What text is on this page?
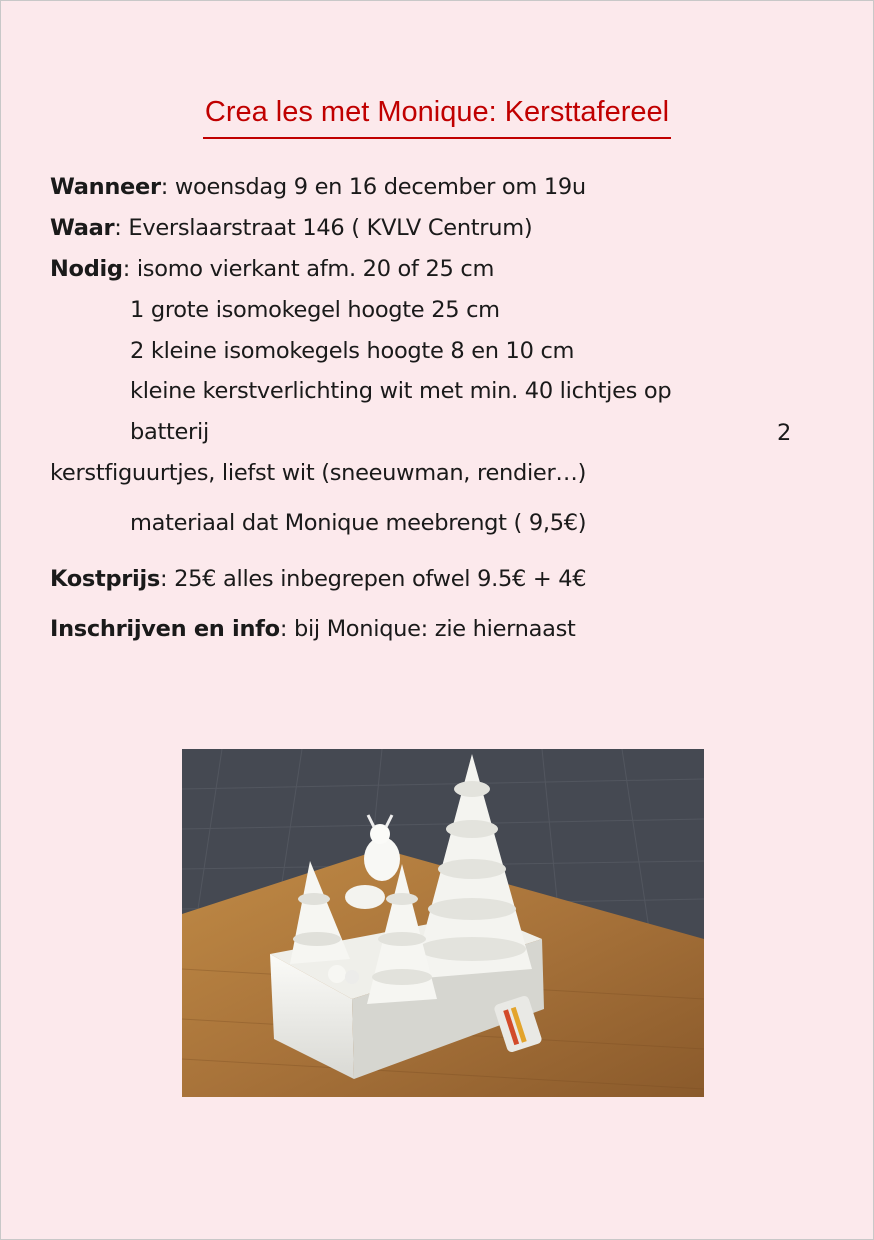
Crea les met Monique: Kersttafereel
Wanneer: woensdag 9 en 16 december om 19u
Waar: Everslaarstraat 146 ( KVLV Centrum)
Nodig: isomo vierkant afm. 20 of 25 cm
1 grote isomokegel hoogte 25 cm
2 kleine isomokegels hoogte 8 en 10 cm
kleine kerstverlichting wit met min. 40 lichtjes op
batterij	2
kerstfiguurtjes, liefst wit (sneeuwman, rendier…)
materiaal dat Monique meebrengt ( 9,5€)
Kostprijs: 25€ alles inbegrepen ofwel 9.5€ + 4€
Inschrijven en info: bij Monique: zie hiernaast
